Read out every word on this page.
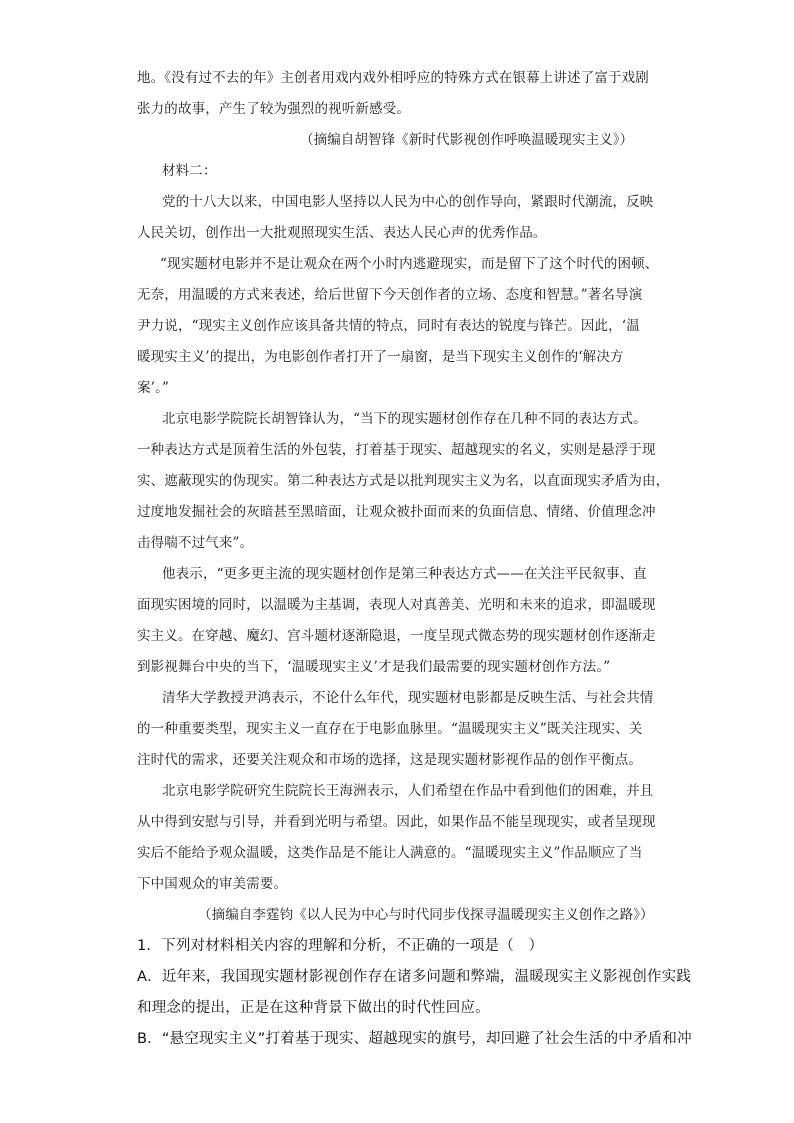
地。《没有过不去的年》主创者用戏内戏外相呼应的特殊方式在银幕上讲述了富于戏剧

张力的故事，产生了较为强烈的视听新感受。

（摘编自胡智锋《新时代影视创作呼唤温暖现实主义》）

材料二：

党的十八大以来，中国电影人坚持以人民为中心的创作导向，紧跟时代潮流，反映

人民关切，创作出一大批观照现实生活、表达人民心声的优秀作品。

“现实题材电影并不是让观众在两个小时内逃避现实，而是留下了这个时代的困顿、

无奈，用温暖的方式来表述，给后世留下今天创作者的立场、态度和智慧。”著名导演

尹力说，“现实主义创作应该具备共情的特点，同时有表达的锐度与锋芒。因此，‘温

暖现实主义’的提出，为电影创作者打开了一扇窗，是当下现实主义创作的‘解决方

案’。”

北京电影学院院长胡智锋认为，“当下的现实题材创作存在几种不同的表达方式。

一种表达方式是顶着生活的外包装，打着基于现实、超越现实的名义，实则是悬浮于现

实、遮蔽现实的伪现实。第二种表达方式是以批判现实主义为名，以直面现实矛盾为由，

过度地发掘社会的灰暗甚至黑暗面，让观众被扑面而来的负面信息、情绪、价值理念冲

击得喘不过气来”。

他表示，“更多更主流的现实题材创作是第三种表达方式——在关注平民叙事、直

面现实困境的同时，以温暖为主基调，表现人对真善美、光明和未来的追求，即温暖现

实主义。在穿越、魔幻、宫斗题材逐渐隐退，一度呈现式微态势的现实题材创作逐渐走

到影视舞台中央的当下，‘温暖现实主义’才是我们最需要的现实题材创作方法。”

清华大学教授尹鸿表示，不论什么年代，现实题材电影都是反映生活、与社会共情

的一种重要类型，现实主义一直存在于电影血脉里。“温暖现实主义”既关注现实、关

注时代的需求，还要关注观众和市场的选择，这是现实题材影视作品的创作平衡点。

北京电影学院研究生院院长王海洲表示，人们希望在作品中看到他们的困难，并且

从中得到安慰与引导，并看到光明与希望。因此，如果作品不能呈现现实，或者呈现现

实后不能给予观众温暖，这类作品是不能让人满意的。“温暖现实主义”作品顺应了当

下中国观众的审美需要。

（摘编自李霆钧《以人民为中心与时代同步伐探寻温暖现实主义创作之路》）

1．下列对材料相关内容的理解和分析，不正确的一项是（　）

A．近年来，我国现实题材影视创作存在诸多问题和弊端，温暖现实主义影视创作实践

和理念的提出，正是在这种背景下做出的时代性回应。

B．“悬空现实主义”打着基于现实、超越现实的旗号，却回避了社会生活的中矛盾和冲
